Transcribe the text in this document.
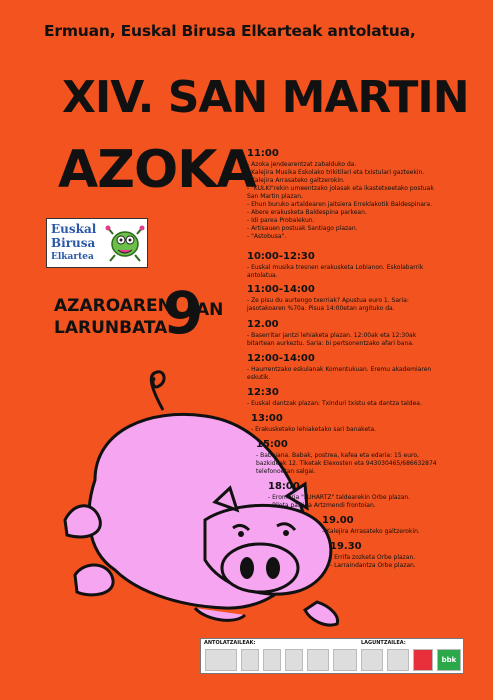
Ermuan, Euskal Birusa Elkarteak antolatua,
XIV. SAN MARTIN
AZOKA
Euskal
Birusa
Elkartea
AZAROAREN
LARUNBATA
9
AN
11:00
- Azoka jendearentzat zabalduko da.
- Kalejira Musika Eskolako trikitilari eta txistulari gazteekin.
- Kalejira Arrasateko galtzerokin.
- "KULKI"rekin umeentzako jolasak eta ikastetxeetako postuak
San Martin plazan.
- Ehun buruko artaldearen jaitsiera Erreklakotik Baldespinara.
- Abere erakusketa Baldespina parkean.
- Idi parea Probalekun.
- Artisauen postuak Santiago plazan.
- "Astobusa".
10:00-12:30
- Euskal musika tresnen erakusketa Lobianon. Eskolabarrik
antolatua.
11:00-14:00
- Ze pisu du aurtengo txerriak? Apustua euro 1. Saria:
jasotakoaren %70a. Pisua 14:00etan argituko da.
12.00
- Baserritar jantzi lehiaketa plazan. 12:00ak eta 12:30ak
bitartean aurkeztu. Saria: bi pertsonentzako afari bana.
12:00-14:00
- Haurrentzako eskulanak Komentukuan. Eremu akademiaren
eskutik.
12:30
- Euskal dantzak plazan: Txinduri txistu eta dantza taldea.
13:00
- Erakusketako lehiaketako sari banaketa.
15:00
- Babajana. Babak, postrea, kafea eta edaria: 15 euro,
bazkideak 12. Tiketak Elexosten eta 943030465/686632874
telefonoetan salgai.
18:00
- Eromeria "LUHARTZ" taldearekin Orbe plazan.
- Pilota partida Artzmendi frontoian.
19.00
- Kalejira Arrasateko galtzerokin.
19.30
- Errifa zozketa Orbe plazan.
- Larraindantza Orbe plazan.
ANTOLATZAILEAK:	LAGUNTZAILEA:
bbk
